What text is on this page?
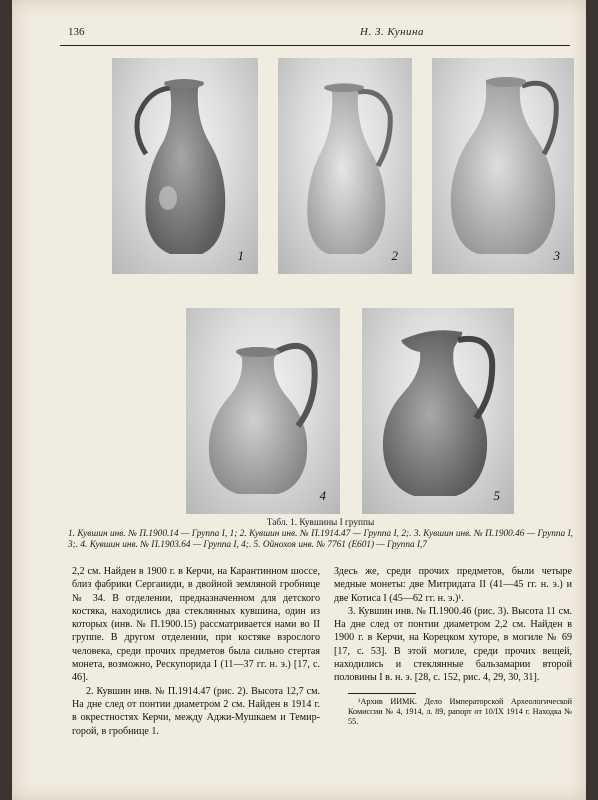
136	Н. З. Кунина
1	2	3
4	5
Табл. 1. Кувшины I группы
1. Кувшин инв. № П.1900.14 — Группа I, 1; 2. Кувшин инв. № П.1914.47 — Группа I, 2;. 3. Кувшин инв. № П.1900.46 — Группа I, 3;. 4. Кувшин инв. № П.1903.64 — Группа I, 4;. 5. Ойнохоя инв. № 7761 (Е601) — Группа I,7

2,2 см. Найден в 1900 г. в Керчи, на Карантинном шоссе, близ фабрики Сергаииди, в двойной земляной гробнице № 34. В отделении, предназначенном для детского костяка, находились два стеклянных кувшина, один из которых (инв. № П.1900.15) рассматривается нами во II группе. В другом отделении, при костяке взрослого человека, среди прочих предметов была сильно стертая монета, возможно, Рескупорида I (11—37 гг. н. э.) [17, с. 46].

2. Кувшин инв. № П.1914.47 (рис. 2). Высота 12,7 см. На дне след от понтии диаметром 2 см. Найден в 1914 г. в окрестностях Керчи, между Аджи-Мушкаем и Темир-горой, в гробнице 1.

Здесь же, среди прочих предметов, были четыре медные монеты: две Митридата II (41—45 гг. н. э.) и две Котиса I (45—62 гг. н. э.)¹.

3. Кувшин инв. № П.1900.46 (рис. 3). Высота 11 см. На дне след от понтии диаметром 2,2 см. Найден в 1900 г. в Керчи, на Корецком хуторе, в могиле № 69 [17, с. 53]. В этой могиле, среди прочих вещей, находились и стеклянные бальзамарии второй половины I в. н. э. [28, с. 152, рис. 4, 29, 30, 31].

¹Архив ИИМК. Дело Императорской Археологической Комиссии № 4, 1914, л. 89, рапорт от 10/IX 1914 г. Находка № 55.
